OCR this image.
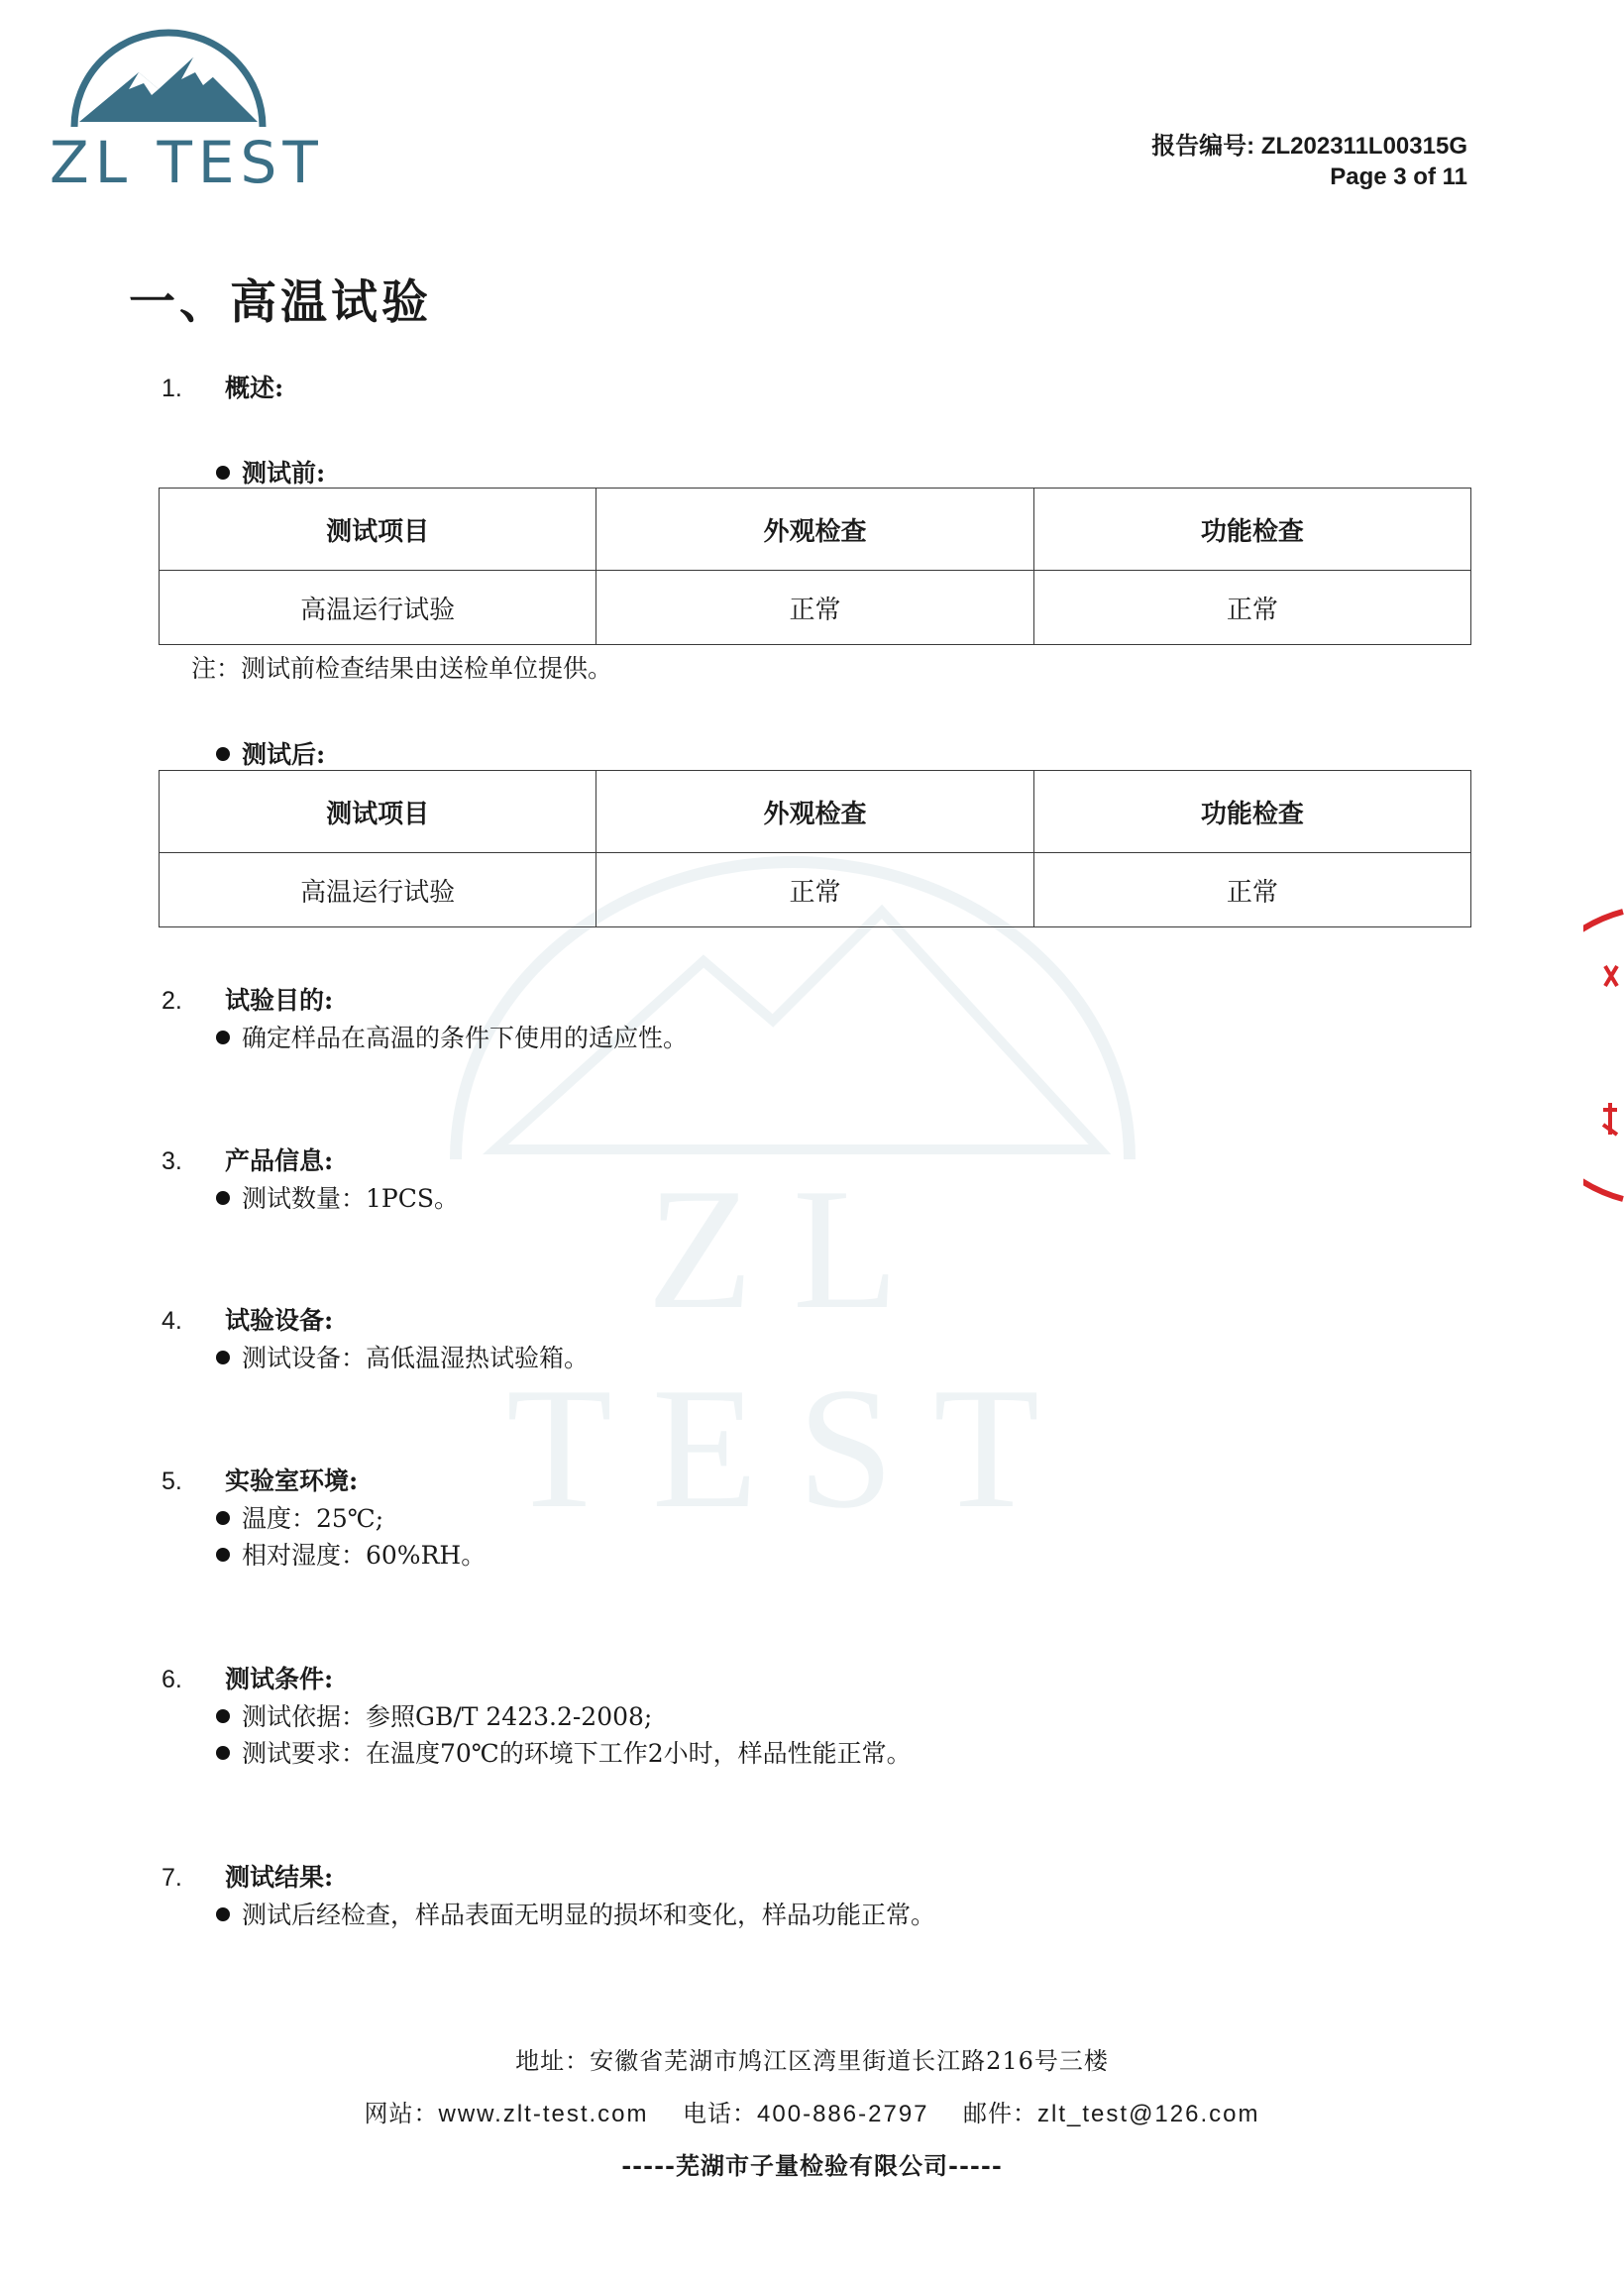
ZL TEST	报告编号: ZL202311L00315G
Page 3 of 11
ZL TEST
一、高温试验
1. 概述:
测试前:
测试项目	外观检查	功能检查
高温运行试验	正常	正常
注：测试前检查结果由送检单位提供。
测试后:
测试项目	外观检查	功能检查
高温运行试验	正常	正常
2. 试验目的:
确定样品在高温的条件下使用的适应性。
3. 产品信息:
测试数量：1PCS。
4. 试验设备:
测试设备：高低温湿热试验箱。
5. 实验室环境:
温度：25℃;
相对湿度：60%RH。
6. 测试条件:
测试依据：参照GB/T 2423.2-2008;
测试要求：在温度70℃的环境下工作2小时，样品性能正常。
7. 测试结果:
测试后经检查，样品表面无明显的损坏和变化，样品功能正常。
地址：安徽省芜湖市鸠江区湾里街道长江路216号三楼
网站：www.zlt-test.com 电话：400-886-2797 邮件：zlt_test@126.com
-----芜湖市子量检验有限公司-----
